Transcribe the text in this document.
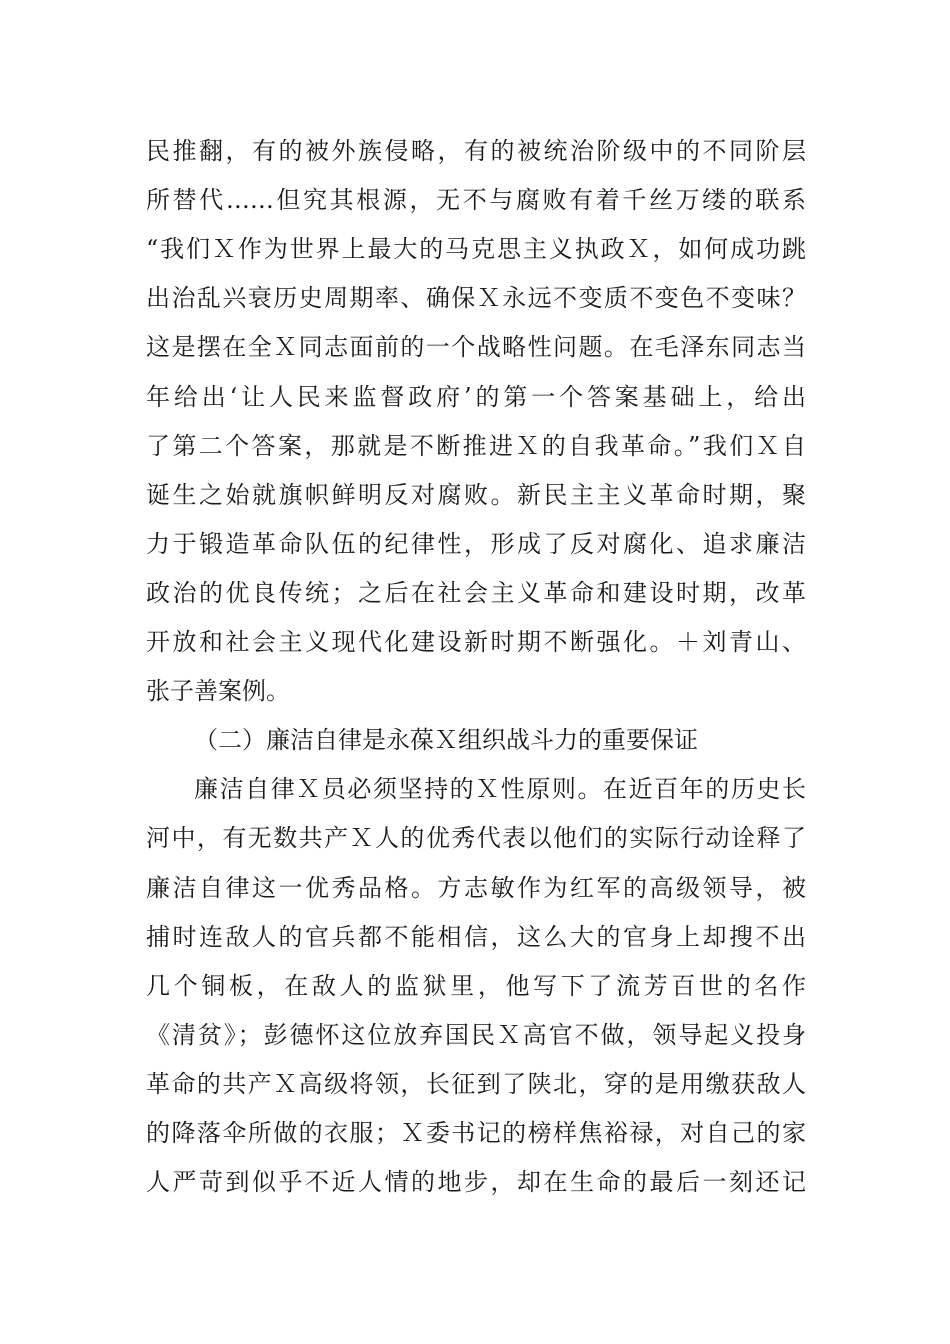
民推翻，有的被外族侵略，有的被统治阶级中的不同阶层
所替代……但究其根源，无不与腐败有着千丝万缕的联系
“我们Ｘ作为世界上最大的马克思主义执政Ｘ，如何成功跳
出治乱兴衰历史周期率、确保Ｘ永远不变质不变色不变味？
这是摆在全Ｘ同志面前的一个战略性问题。在毛泽东同志当
年给出‘让人民来监督政府’的第一个答案基础上，给出
了第二个答案，那就是不断推进Ｘ的自我革命。”我们Ｘ自
诞生之始就旗帜鲜明反对腐败。新民主主义革命时期，聚
力于锻造革命队伍的纪律性，形成了反对腐化、追求廉洁
政治的优良传统；之后在社会主义革命和建设时期，改革
开放和社会主义现代化建设新时期不断强化。＋刘青山、
张子善案例。
（二）廉洁自律是永葆Ｘ组织战斗力的重要保证
廉洁自律Ｘ员必须坚持的Ｘ性原则。在近百年的历史长
河中，有无数共产Ｘ人的优秀代表以他们的实际行动诠释了
廉洁自律这一优秀品格。方志敏作为红军的高级领导，被
捕时连敌人的官兵都不能相信，这么大的官身上却搜不出
几个铜板，在敌人的监狱里，他写下了流芳百世的名作
《清贫》；彭德怀这位放弃国民Ｘ高官不做，领导起义投身
革命的共产Ｘ高级将领，长征到了陕北，穿的是用缴获敌人
的降落伞所做的衣服；Ｘ委书记的榜样焦裕禄，对自己的家
人严苛到似乎不近人情的地步，却在生命的最后一刻还记
